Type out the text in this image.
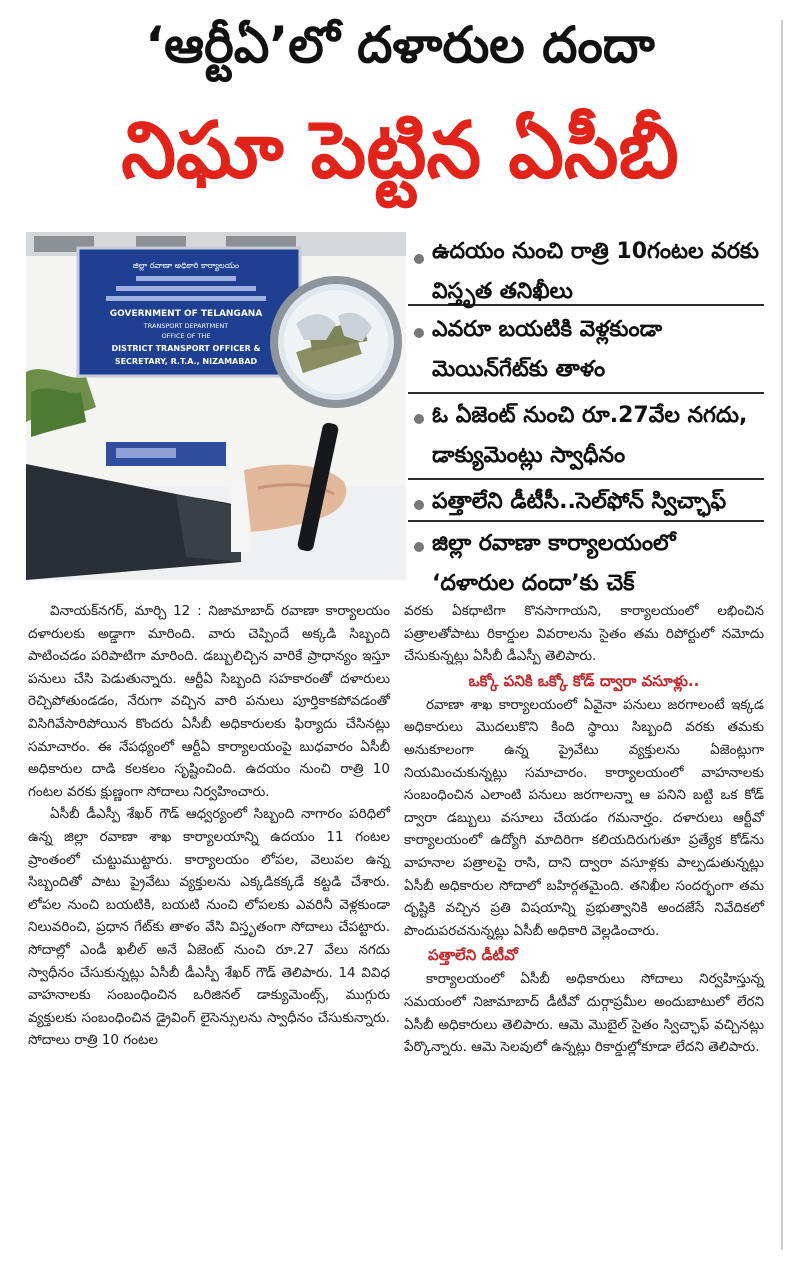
‘ఆర్టీఏ’లో దళారుల దందా
నిఘా పెట్టిన ఏసీబీ
జిల్లా రవాణా అధికారి కార్యాలయం
GOVERNMENT OF TELANGANA
TRANSPORT DEPARTMENT
OFFICE OF THE
DISTRICT TRANSPORT OFFICER &
SECRETARY, R.T.A., NIZAMABAD
ఉదయం నుంచి రాత్రి 10గంటల వరకు విస్తృత తనిఖీలు
ఎవరూ బయటికి వెళ్లకుండా మెయిన్‌గేట్‌కు తాళం
ఓ ఏజెంట్ నుంచి రూ.27వేల నగదు, డాక్యుమెంట్లు స్వాధీనం
పత్తాలేని డీటీసీ..సెల్‌ఫోన్ స్విచ్ఛాఫ్
జిల్లా రవాణా కార్యాలయంలో ‘దళారుల దందా’కు చెక్

వినాయక్‌నగర్, మార్చి 12 : నిజామాబాద్ రవాణా కార్యాలయం దళారులకు అడ్డాగా మారింది. వారు చెప్పిందే అక్కడి సిబ్బంది పాటించడం పరిపాటిగా మారింది. డబ్బులిచ్చిన వారికే ప్రాధాన్యం ఇస్తూ పనులు చేసి పెడుతున్నారు. ఆర్టీఏ సిబ్బంది సహకారంతో దళారులు రెచ్చిపోతుండడం, నేరుగా వచ్చిన వారి పనులు పూర్తికాకపోవడంతో విసిగివేసారిపోయిన కొందరు ఏసీబీ అధికారులకు ఫిర్యాదు చేసినట్లు సమాచారం. ఈ నేపథ్యంలో ఆర్టీఏ కార్యాలయంపై బుధవారం ఏసీబీ అధికారుల దాడి కలకలం సృష్టించింది. ఉదయం నుంచి రాత్రి 10 గంటల వరకు క్షుణ్ణంగా సోదాలు నిర్వహించారు.

ఏసీబీ డీఎస్పీ శేఖర్ గౌడ్ ఆధ్వర్యంలో సిబ్బంది నాగారం పరిధిలో ఉన్న జిల్లా రవాణా శాఖ కార్యాలయాన్ని ఉదయం 11 గంటల ప్రాంతంలో చుట్టుముట్టారు. కార్యాలయం లోపల, వెలుపల ఉన్న సిబ్బందితో పాటు ప్రైవేటు వ్యక్తులను ఎక్కడికక్కడే కట్టడి చేశారు. లోపల నుంచి బయటికి, బయటి నుంచి లోపలకు ఎవరినీ వెళ్లకుండా నిలువరించి, ప్రధాన గేట్‌కు తాళం వేసి విస్తృతంగా సోదాలు చేపట్టారు. సోదాల్లో ఎండీ ఖలీల్ అనే ఏజెంట్ నుంచి రూ.27 వేలు నగదు స్వాధీనం చేసుకున్నట్లు ఏసీబీ డీఎస్పీ శేఖర్ గౌడ్ తెలిపారు. 14 వివిధ వాహనాలకు సంబంధించిన ఒరిజినల్ డాక్యుమెంట్స్, ముగ్గురు వ్యక్తులకు సంబంధించిన డ్రైవింగ్ లైసెన్సులను స్వాధీనం చేసుకున్నారు. సోదాలు రాత్రి 10 గంటల

వరకు ఏకధాటిగా కొనసాగాయని, కార్యాలయంలో లభించిన పత్రాలతోపాటు రికార్డుల వివరాలను సైతం తమ రిపోర్టులో నమోదు చేసుకున్నట్లు ఏసీబీ డీఎస్పీ తెలిపారు.

ఒక్కో పనికి ఒక్కో కోడ్ ద్వారా వసూళ్లు..

రవాణా శాఖ కార్యాలయంలో ఏవైనా పనులు జరగాలంటే ఇక్కడ అధికారులు మొదలుకొని కింది స్థాయి సిబ్బంది వరకు తమకు అనుకూలంగా ఉన్న ప్రైవేటు వ్యక్తులను ఏజెంట్లుగా నియమించుకున్నట్లు సమాచారం. కార్యాలయంలో వాహనాలకు సంబంధించిన ఎలాంటి పనులు జరగాలన్నా ఆ పనిని బట్టి ఒక కోడ్ ద్వారా డబ్బులు వసూలు చేయడం గమనార్హం. దళారులు ఆర్టీవో కార్యాలయంలో ఉద్యోగి మాదిరిగా కలియదిరుగుతూ ప్రత్యేక కోడ్‌ను వాహనాల పత్రాలపై రాసి, దాని ద్వారా వసూళ్లకు పాల్పడుతున్నట్లు ఏసీబీ అధికారుల సోదాలో బహిర్గతమైంది. తనిఖీల సందర్భంగా తమ దృష్టికి వచ్చిన ప్రతి విషయాన్ని ప్రభుత్వానికి అందజేసే నివేదికలో పొందుపరచనున్నట్లు ఏసీబీ అధికారి వెల్లడించారు.

పత్తాలేని డీటీవో

కార్యాలయంలో ఏసీబీ అధికారులు సోదాలు నిర్వహిస్తున్న సమయంలో నిజామాబాద్ డీటీవో దుర్గాప్రమీల అందుబాటులో లేరని ఏసీబీ అధికారులు తెలిపారు. ఆమె మొబైల్ సైతం స్విచ్ఛాఫ్ వచ్చినట్లు పేర్కొన్నారు. ఆమె సెలవులో ఉన్నట్లు రికార్డుల్లోకూడా లేదని తెలిపారు.
